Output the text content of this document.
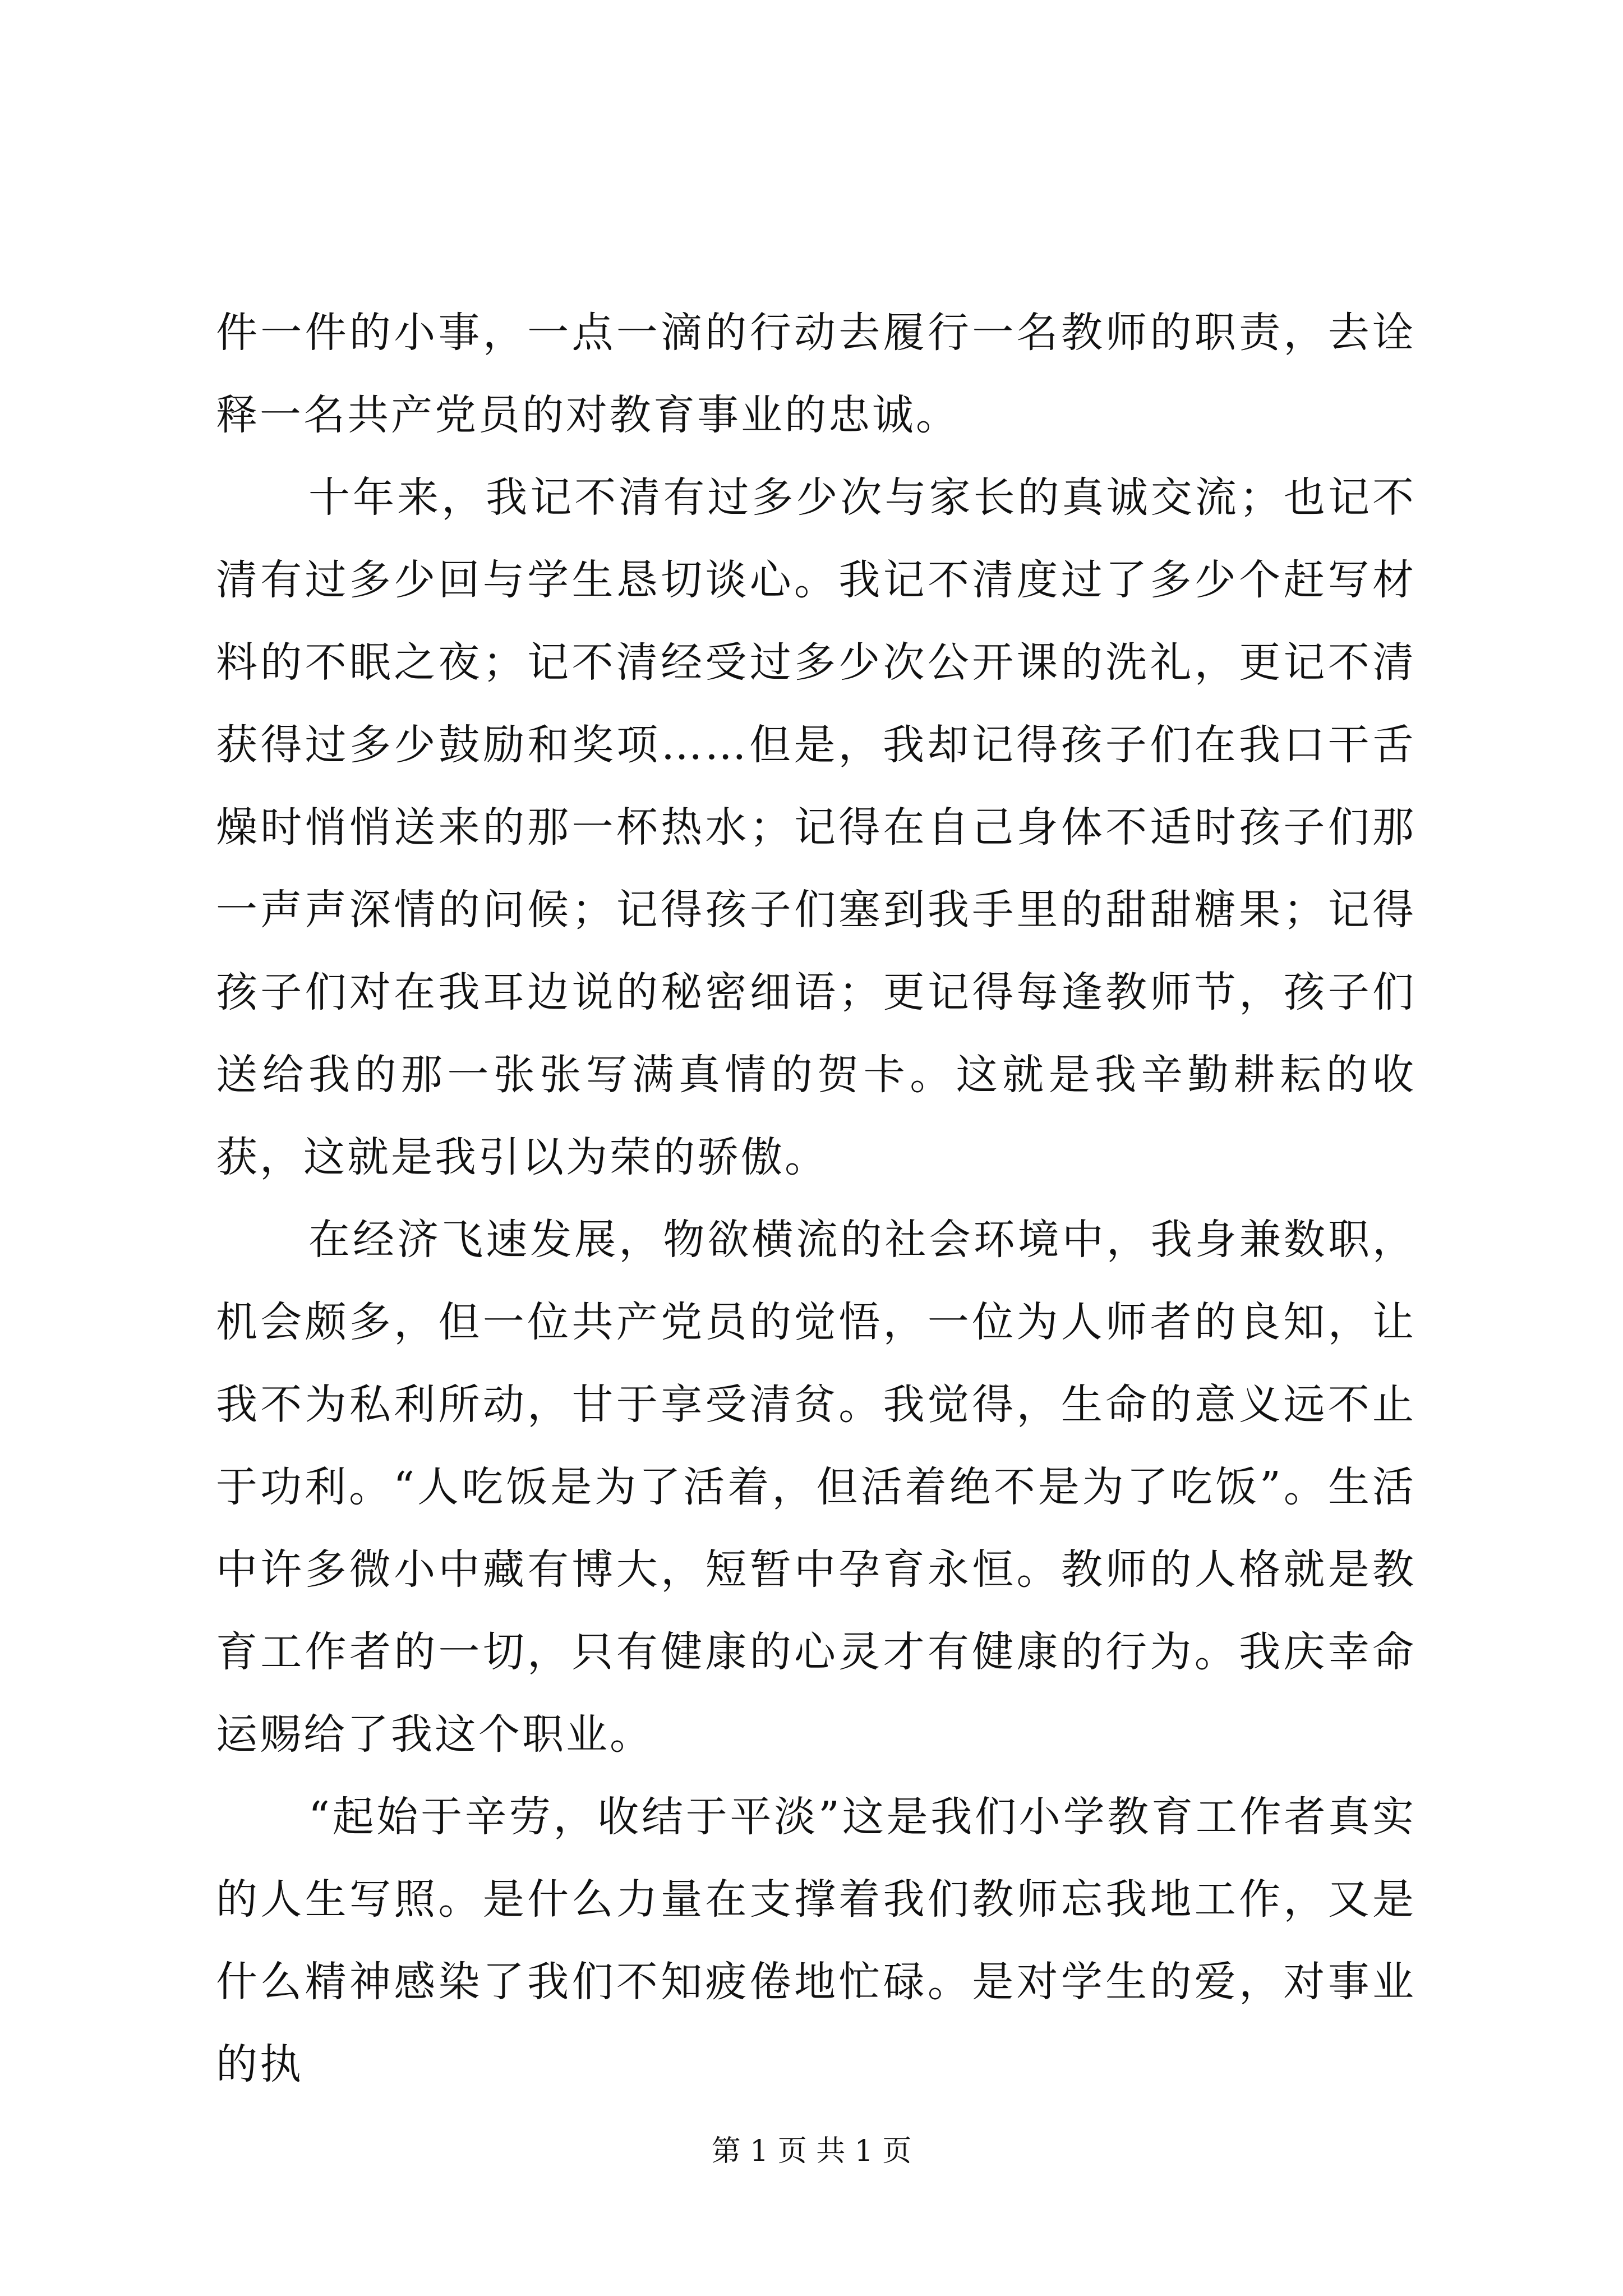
件一件的小事，一点一滴的行动去履行一名教师的职责，去诠释一名共产党员的对教育事业的忠诚。

十年来，我记不清有过多少次与家长的真诚交流；也记不清有过多少回与学生恳切谈心。我记不清度过了多少个赶写材料的不眠之夜；记不清经受过多少次公开课的洗礼，更记不清获得过多少鼓励和奖项……但是，我却记得孩子们在我口干舌燥时悄悄送来的那一杯热水；记得在自己身体不适时孩子们那一声声深情的问候；记得孩子们塞到我手里的甜甜糖果；记得孩子们对在我耳边说的秘密细语；更记得每逢教师节，孩子们送给我的那一张张写满真情的贺卡。这就是我辛勤耕耘的收获，这就是我引以为荣的骄傲。

在经济飞速发展，物欲横流的社会环境中，我身兼数职，机会颇多，但一位共产党员的觉悟，一位为人师者的良知，让我不为私利所动，甘于享受清贫。我觉得，生命的意义远不止于功利。“人吃饭是为了活着，但活着绝不是为了吃饭”。生活中许多微小中藏有博大，短暂中孕育永恒。教师的人格就是教育工作者的一切，只有健康的心灵才有健康的行为。我庆幸命运赐给了我这个职业。

“起始于辛劳，收结于平淡”这是我们小学教育工作者真实的人生写照。是什么力量在支撑着我们教师忘我地工作，又是什么精神感染了我们不知疲倦地忙碌。是对学生的爱，对事业的执

第 1 页 共 1 页
